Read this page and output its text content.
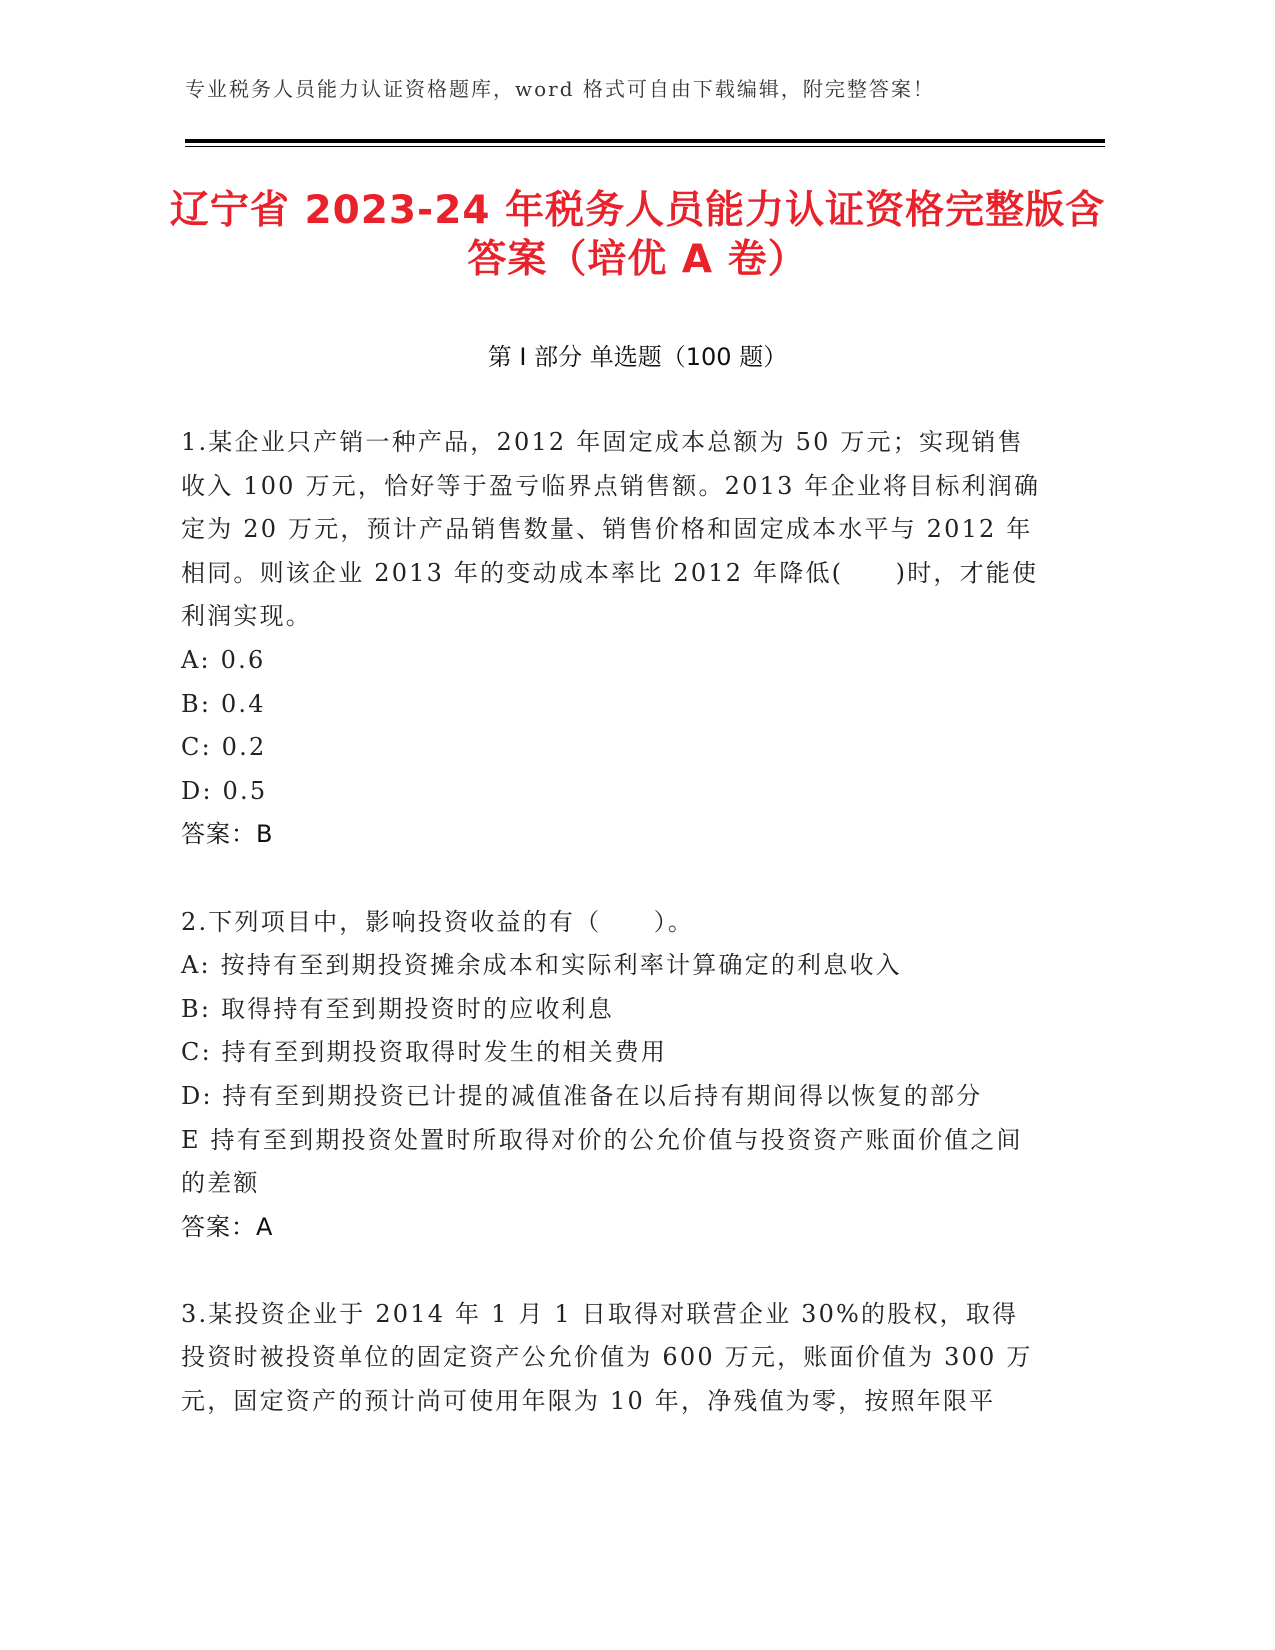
专业税务人员能力认证资格题库，word 格式可自由下载编辑，附完整答案！
辽宁省 2023-24 年税务人员能力认证资格完整版含答案（培优 A 卷）
第 I 部分 单选题（100 题）

1.某企业只产销一种产品，2012 年固定成本总额为 50 万元；实现销售收入 100 万元，恰好等于盈亏临界点销售额。2013 年企业将目标利润确定为 20 万元，预计产品销售数量、销售价格和固定成本水平与 2012 年相同。则该企业 2013 年的变动成本率比 2012 年降低(　　)时，才能使利润实现。

A: 0.6

B: 0.4

C: 0.2

D: 0.5

答案：B

2.下列项目中，影响投资收益的有（　　）。

A: 按持有至到期投资摊余成本和实际利率计算确定的利息收入

B: 取得持有至到期投资时的应收利息

C: 持有至到期投资取得时发生的相关费用

D: 持有至到期投资已计提的减值准备在以后持有期间得以恢复的部分

E 持有至到期投资处置时所取得对价的公允价值与投资资产账面价值之间的差额

答案：A

3.某投资企业于 2014 年 1 月 1 日取得对联营企业 30%的股权，取得投资时被投资单位的固定资产公允价值为 600 万元，账面价值为 300 万元，固定资产的预计尚可使用年限为 10 年，净残值为零，按照年限平
